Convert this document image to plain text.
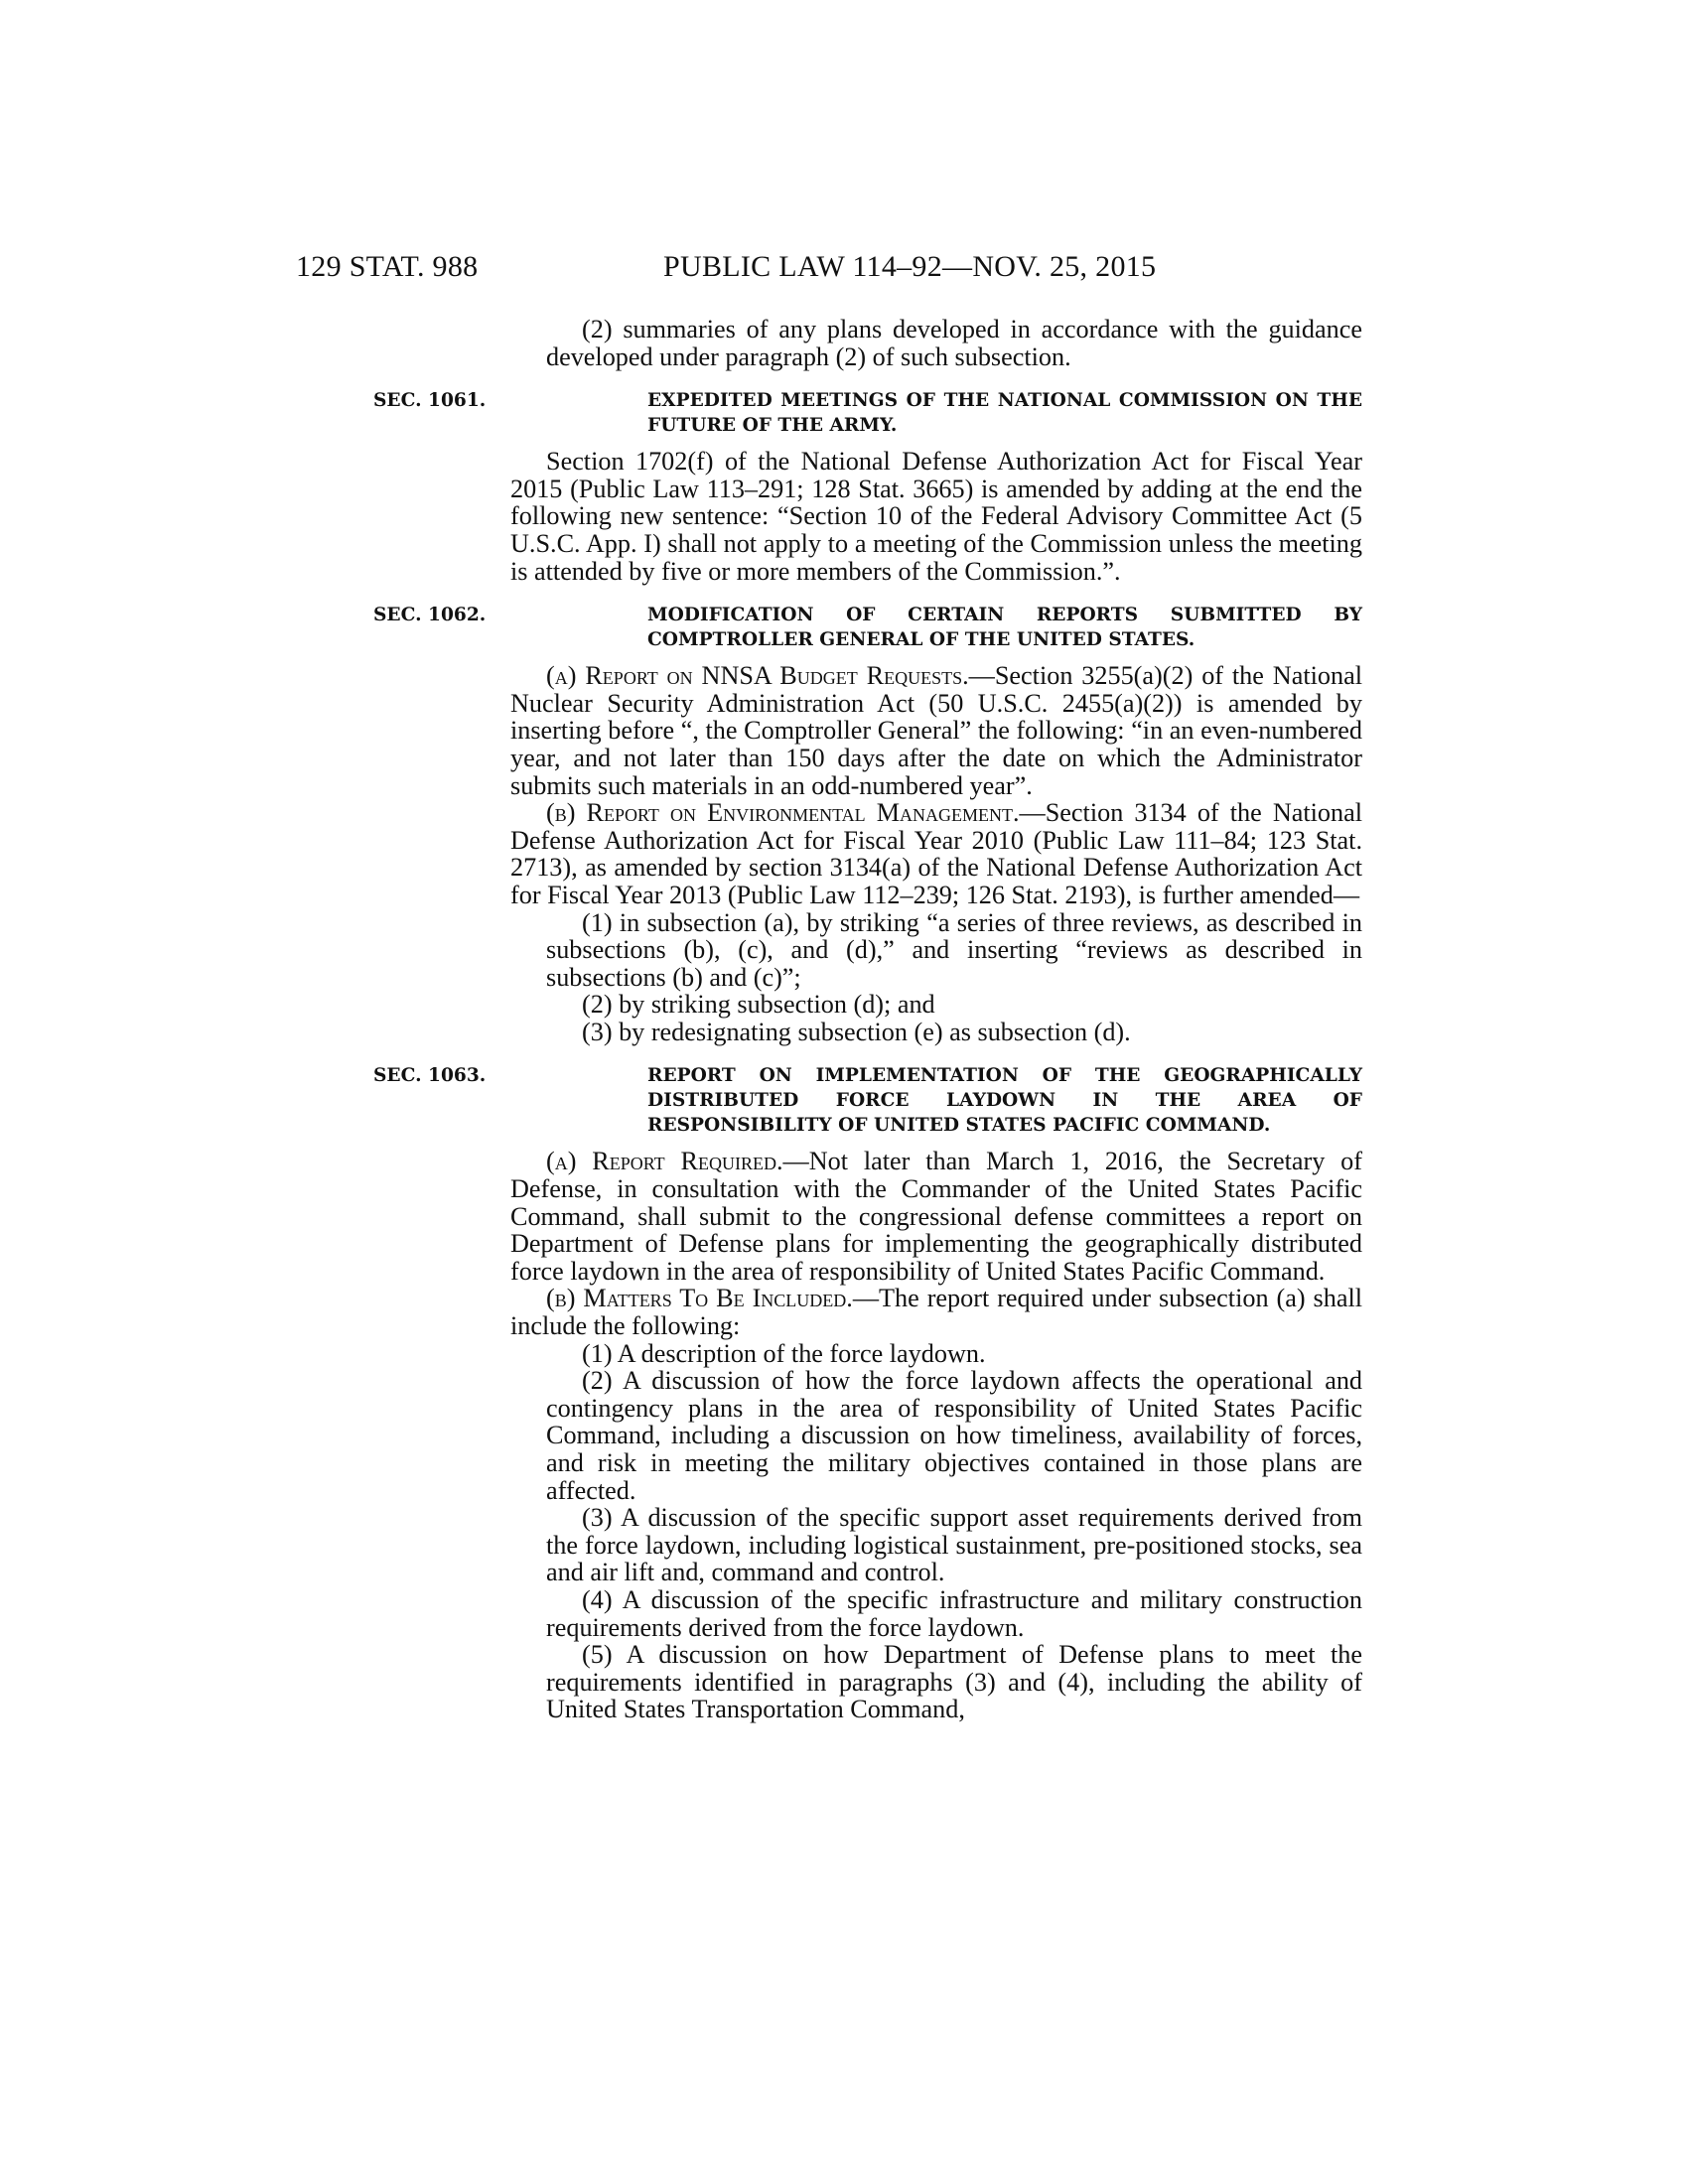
129 STAT. 988	PUBLIC LAW 114–92—NOV. 25, 2015

(2) summaries of any plans developed in accordance with the guidance developed under paragraph (2) of such subsection.

SEC. 1061.	EXPEDITED MEETINGS OF THE NATIONAL COMMISSION ON THE FUTURE OF THE ARMY.

Section 1702(f) of the National Defense Authorization Act for Fiscal Year 2015 (Public Law 113–291; 128 Stat. 3665) is amended by adding at the end the following new sentence: “Section 10 of the Federal Advisory Committee Act (5 U.S.C. App. I) shall not apply to a meeting of the Commission unless the meeting is attended by five or more members of the Commission.”.

SEC. 1062.	MODIFICATION OF CERTAIN REPORTS SUBMITTED BY COMPTROLLER GENERAL OF THE UNITED STATES.

(a) Report on NNSA Budget Requests.—Section 3255(a)(2) of the National Nuclear Security Administration Act (50 U.S.C. 2455(a)(2)) is amended by inserting before “, the Comptroller General” the following: “in an even-numbered year, and not later than 150 days after the date on which the Administrator submits such materials in an odd-numbered year”.

(b) Report on Environmental Management.—Section 3134 of the National Defense Authorization Act for Fiscal Year 2010 (Public Law 111–84; 123 Stat. 2713), as amended by section 3134(a) of the National Defense Authorization Act for Fiscal Year 2013 (Public Law 112–239; 126 Stat. 2193), is further amended—

(1) in subsection (a), by striking “a series of three reviews, as described in subsections (b), (c), and (d),” and inserting “reviews as described in subsections (b) and (c)”;

(2) by striking subsection (d); and

(3) by redesignating subsection (e) as subsection (d).

SEC. 1063.	REPORT ON IMPLEMENTATION OF THE GEOGRAPHICALLY DISTRIBUTED FORCE LAYDOWN IN THE AREA OF RESPONSIBILITY OF UNITED STATES PACIFIC COMMAND.

(a) Report Required.—Not later than March 1, 2016, the Secretary of Defense, in consultation with the Commander of the United States Pacific Command, shall submit to the congressional defense committees a report on Department of Defense plans for implementing the geographically distributed force laydown in the area of responsibility of United States Pacific Command.

(b) Matters To Be Included.—The report required under subsection (a) shall include the following:

(1) A description of the force laydown.

(2) A discussion of how the force laydown affects the operational and contingency plans in the area of responsibility of United States Pacific Command, including a discussion on how timeliness, availability of forces, and risk in meeting the military objectives contained in those plans are affected.

(3) A discussion of the specific support asset requirements derived from the force laydown, including logistical sustainment, pre-positioned stocks, sea and air lift and, command and control.

(4) A discussion of the specific infrastructure and military construction requirements derived from the force laydown.

(5) A discussion on how Department of Defense plans to meet the requirements identified in paragraphs (3) and (4), including the ability of United States Transportation Command,
